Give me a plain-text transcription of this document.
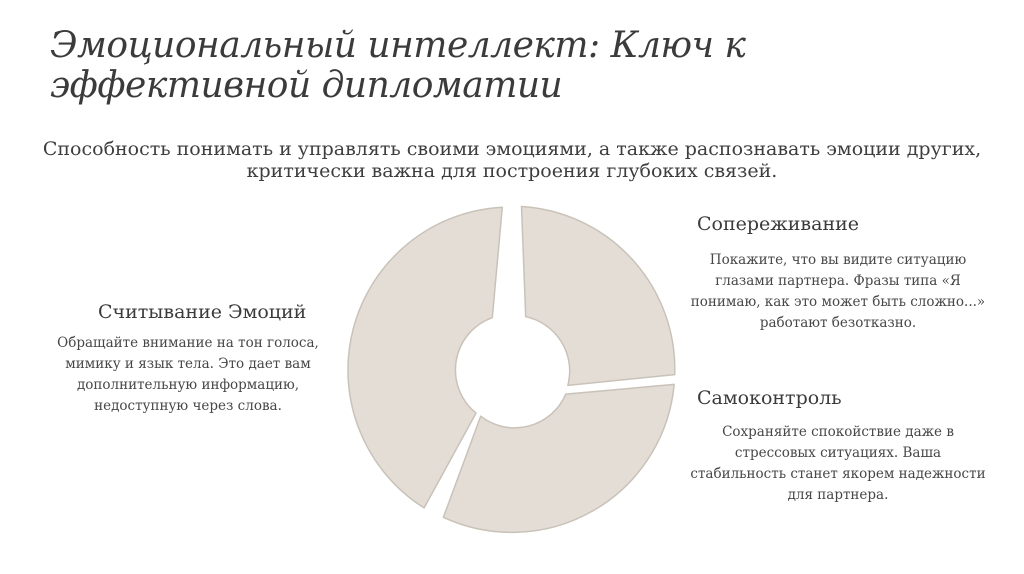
Эмоциональный интеллект: Ключ к эффективной дипломатии
Способность понимать и управлять своими эмоциями, а также распознавать эмоции других, критически важна для построения глубоких связей.
Считывание Эмоций
Обращайте внимание на тон голоса, мимику и язык тела. Это дает вам дополнительную информацию, недоступную через слова.
Сопереживание
Покажите, что вы видите ситуацию глазами партнера. Фразы типа «Я понимаю, как это может быть сложно...» работают безотказно.
Самоконтроль
Сохраняйте спокойствие даже в стрессовых ситуациях. Ваша стабильность станет якорем надежности для партнера.
